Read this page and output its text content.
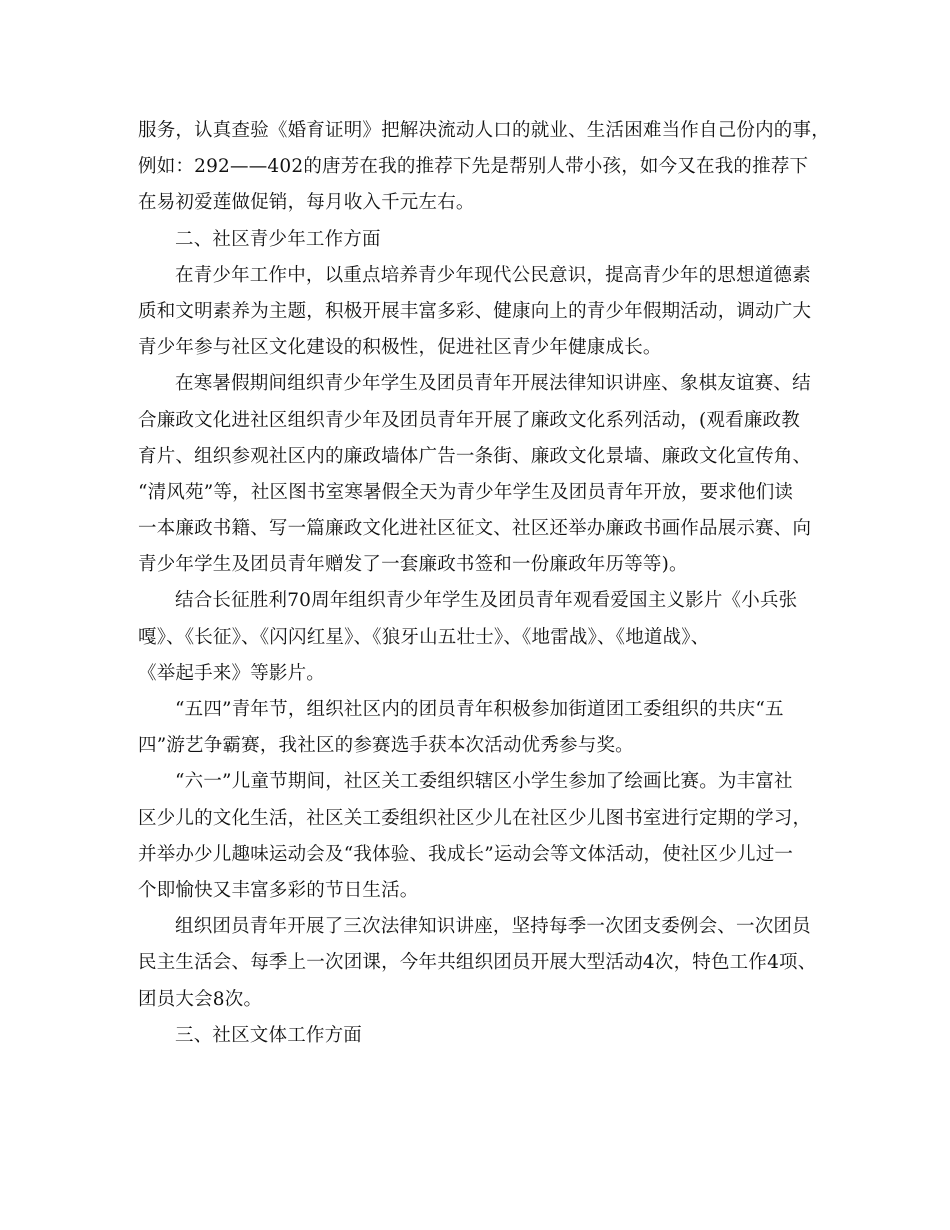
服务，认真查验《婚育证明》把解决流动人口的就业、生活困难当作自己份内的事，
例如：292——402的唐芳在我的推荐下先是帮别人带小孩，如今又在我的推荐下
在易初爱莲做促销，每月收入千元左右。
二、社区青少年工作方面
在青少年工作中，以重点培养青少年现代公民意识，提高青少年的思想道德素
质和文明素养为主题，积极开展丰富多彩、健康向上的青少年假期活动，调动广大
青少年参与社区文化建设的积极性，促进社区青少年健康成长。
在寒暑假期间组织青少年学生及团员青年开展法律知识讲座、象棋友谊赛、结
合廉政文化进社区组织青少年及团员青年开展了廉政文化系列活动，(观看廉政教
育片、组织参观社区内的廉政墙体广告一条街、廉政文化景墙、廉政文化宣传角、
“清风苑”等，社区图书室寒暑假全天为青少年学生及团员青年开放，要求他们读
一本廉政书籍、写一篇廉政文化进社区征文、社区还举办廉政书画作品展示赛、向
青少年学生及团员青年赠发了一套廉政书签和一份廉政年历等等)。
结合长征胜利70周年组织青少年学生及团员青年观看爱国主义影片《小兵张
嘎》、《长征》、《闪闪红星》、《狼牙山五壮士》、《地雷战》、《地道战》、
《举起手来》等影片。
“五四”青年节，组织社区内的团员青年积极参加街道团工委组织的共庆“五
四”游艺争霸赛，我社区的参赛选手获本次活动优秀参与奖。
“六一”儿童节期间，社区关工委组织辖区小学生参加了绘画比赛。为丰富社
区少儿的文化生活，社区关工委组织社区少儿在社区少儿图书室进行定期的学习，
并举办少儿趣味运动会及“我体验、我成长”运动会等文体活动，使社区少儿过一
个即愉快又丰富多彩的节日生活。
组织团员青年开展了三次法律知识讲座，坚持每季一次团支委例会、一次团员
民主生活会、每季上一次团课，今年共组织团员开展大型活动4次，特色工作4项、
团员大会8次。
三、社区文体工作方面
